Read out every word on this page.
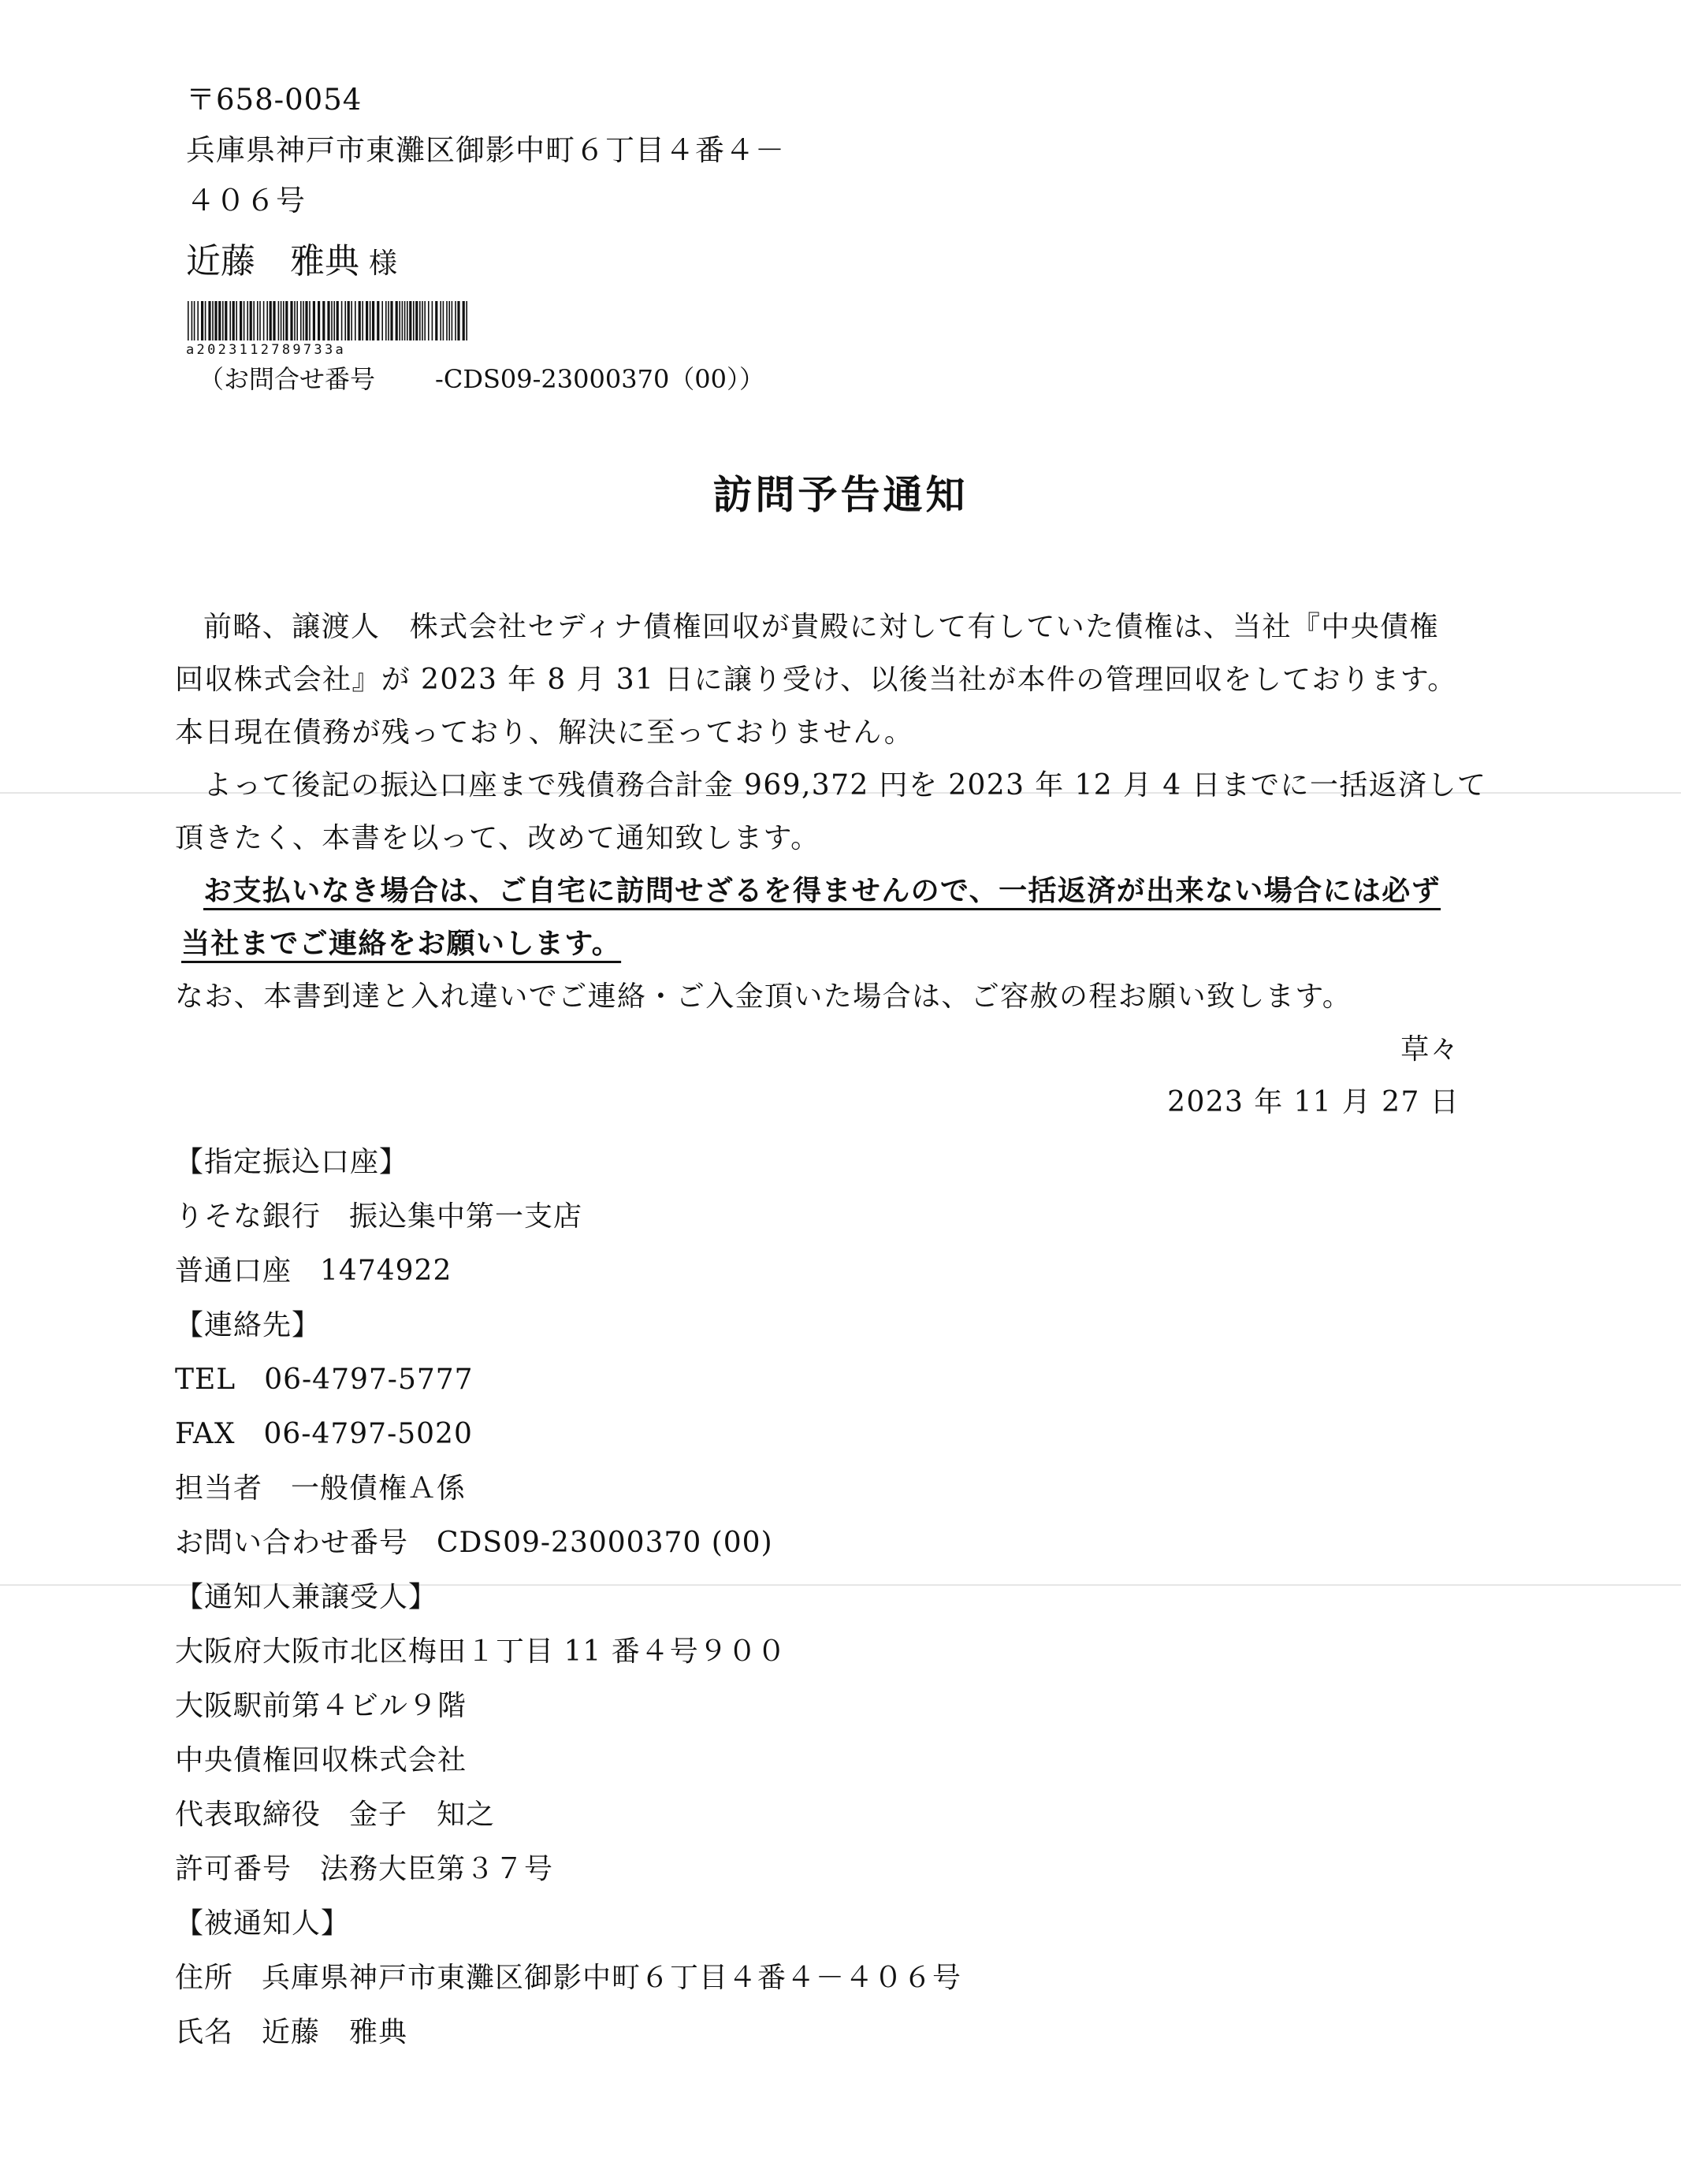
〒658-0054
兵庫県神戸市東灘区御影中町６丁目４番４－
４０６号
近藤　雅典 様
a2023112789733a
（お問合せ番号 -CDS09-23000370（00））
訪問予告通知
前略、譲渡人　株式会社セディナ債権回収が貴殿に対して有していた債権は、当社『中央債権
回収株式会社』が 2023 年 8 月 31 日に譲り受け、以後当社が本件の管理回収をしております。
本日現在債務が残っており、解決に至っておりません。
よって後記の振込口座まで残債務合計金 969,372 円を 2023 年 12 月 4 日までに一括返済して
頂きたく、本書を以って、改めて通知致します。
お支払いなき場合は、ご自宅に訪問せざるを得ませんので、一括返済が出来ない場合には必ず
当社までご連絡をお願いします。
なお、本書到達と入れ違いでご連絡・ご入金頂いた場合は、ご容赦の程お願い致します。
草々
2023 年 11 月 27 日
【指定振込口座】
りそな銀行 振込集中第一支店
普通口座 1474922
【連絡先】
TEL 06-4797-5777
FAX 06-4797-5020
担当者 一般債権Ａ係
お問い合わせ番号 CDS09-23000370 (00)
【通知人兼譲受人】
大阪府大阪市北区梅田１丁目 11 番４号９００
大阪駅前第４ビル９階
中央債権回収株式会社
代表取締役 金子　知之
許可番号 法務大臣第３７号
【被通知人】
住所 兵庫県神戸市東灘区御影中町６丁目４番４－４０６号
氏名 近藤　雅典
